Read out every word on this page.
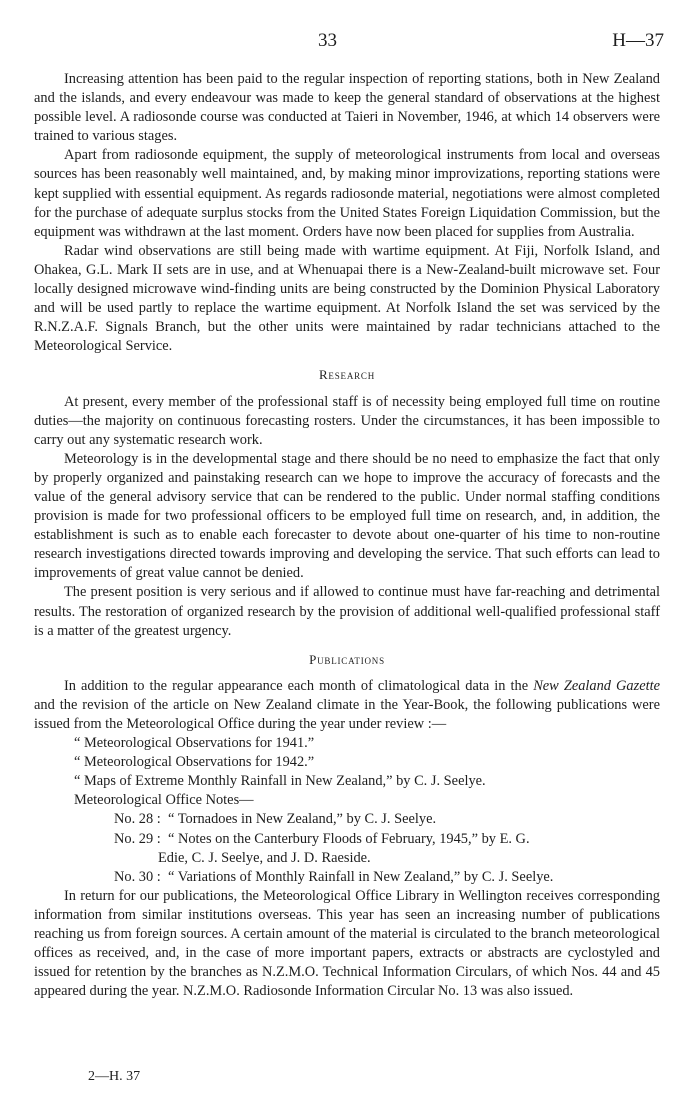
33	H—37

Increasing attention has been paid to the regular inspection of reporting stations, both in New Zealand and the islands, and every endeavour was made to keep the general standard of observations at the highest possible level. A radiosonde course was conducted at Taieri in November, 1946, at which 14 observers were trained to various stages.

Apart from radiosonde equipment, the supply of meteorological instruments from local and overseas sources has been reasonably well maintained, and, by making minor improvizations, reporting stations were kept supplied with essential equipment. As regards radiosonde material, negotiations were almost completed for the purchase of adequate surplus stocks from the United States Foreign Liquidation Commission, but the equipment was withdrawn at the last moment. Orders have now been placed for supplies from Australia.

Radar wind observations are still being made with wartime equipment. At Fiji, Norfolk Island, and Ohakea, G.L. Mark II sets are in use, and at Whenuapai there is a New-Zealand-built microwave set. Four locally designed microwave wind-finding units are being constructed by the Dominion Physical Laboratory and will be used partly to replace the wartime equipment. At Norfolk Island the set was serviced by the R.N.Z.A.F. Signals Branch, but the other units were maintained by radar technicians attached to the Meteorological Service.

Research

At present, every member of the professional staff is of necessity being employed full time on routine duties—the majority on continuous forecasting rosters. Under the circumstances, it has been impossible to carry out any systematic research work.

Meteorology is in the developmental stage and there should be no need to emphasize the fact that only by properly organized and painstaking research can we hope to improve the accuracy of forecasts and the value of the general advisory service that can be rendered to the public. Under normal staffing conditions provision is made for two professional officers to be employed full time on research, and, in addition, the establishment is such as to enable each forecaster to devote about one-quarter of his time to non-routine research investigations directed towards improving and developing the service. That such efforts can lead to improvements of great value cannot be denied.

The present position is very serious and if allowed to continue must have far-reaching and detrimental results. The restoration of organized research by the provision of additional well-qualified professional staff is a matter of the greatest urgency.

Publications

In addition to the regular appearance each month of climatological data in the New Zealand Gazette and the revision of the article on New Zealand climate in the Year-Book, the following publications were issued from the Meteorological Office during the year under review :—

“ Meteorological Observations for 1941.”
“ Meteorological Observations for 1942.”
“ Maps of Extreme Monthly Rainfall in New Zealand,” by C. J. Seelye.
Meteorological Office Notes—
No. 28 : “ Tornadoes in New Zealand,” by C. J. Seelye.
No. 29 : “ Notes on the Canterbury Floods of February, 1945,” by E. G.
Edie, C. J. Seelye, and J. D. Raeside.
No. 30 : “ Variations of Monthly Rainfall in New Zealand,” by C. J. Seelye.

In return for our publications, the Meteorological Office Library in Wellington receives corresponding information from similar institutions overseas. This year has seen an increasing number of publications reaching us from foreign sources. A certain amount of the material is circulated to the branch meteorological offices as received, and, in the case of more important papers, extracts or abstracts are cyclostyled and issued for retention by the branches as N.Z.M.O. Technical Information Circulars, of which Nos. 44 and 45 appeared during the year. N.Z.M.O. Radiosonde Information Circular No. 13 was also issued.

2—H. 37
